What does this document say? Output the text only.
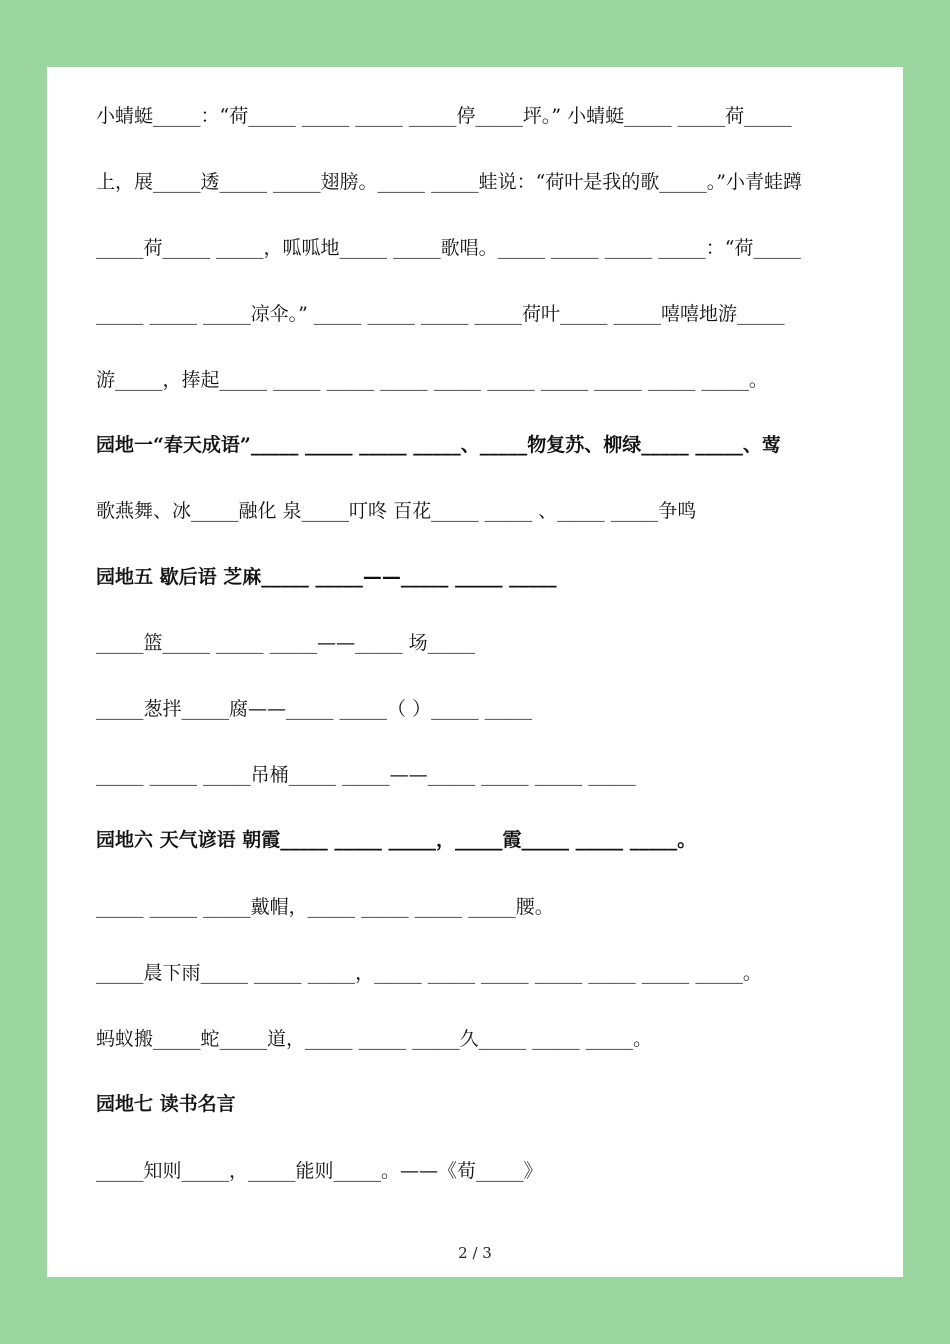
小蜻蜓_____：“荷_____ _____ _____ _____停_____坪。” 小蜻蜓_____ _____荷_____
上，展_____透_____ _____翅膀。_____ _____蛙说：“荷叶是我的歌_____。”小青蛙蹲
_____荷_____ _____，呱呱地_____ _____歌唱。_____ _____ _____ _____：“荷_____
_____ _____ _____凉伞。” _____ _____ _____ _____荷叶_____ _____嘻嘻地游_____
游_____，捧起_____ _____ _____ _____ _____ _____ _____ _____ _____ _____。
园地一“春天成语”_____ _____ _____ _____、_____物复苏、柳绿_____ _____、莺
歌燕舞、冰_____融化 泉_____叮咚 百花_____ _____ 、_____ _____争鸣
园地五 歇后语 芝麻_____ _____——_____ _____ _____
_____篮_____ _____ _____——_____ 场_____
_____葱拌_____腐——_____ _____（ ）_____ _____
_____ _____ _____吊桶_____ _____——_____ _____ _____ _____
园地六 天气谚语 朝霞_____ _____ _____，_____霞_____ _____ _____。
_____ _____ _____戴帽，_____ _____ _____ _____腰。
_____晨下雨_____ _____ _____，_____ _____ _____ _____ _____ _____ _____。
蚂蚁搬_____蛇_____道，_____ _____ _____久_____ _____ _____。
园地七 读书名言
_____知则_____，_____能则_____。——《荀_____》
2 / 3
